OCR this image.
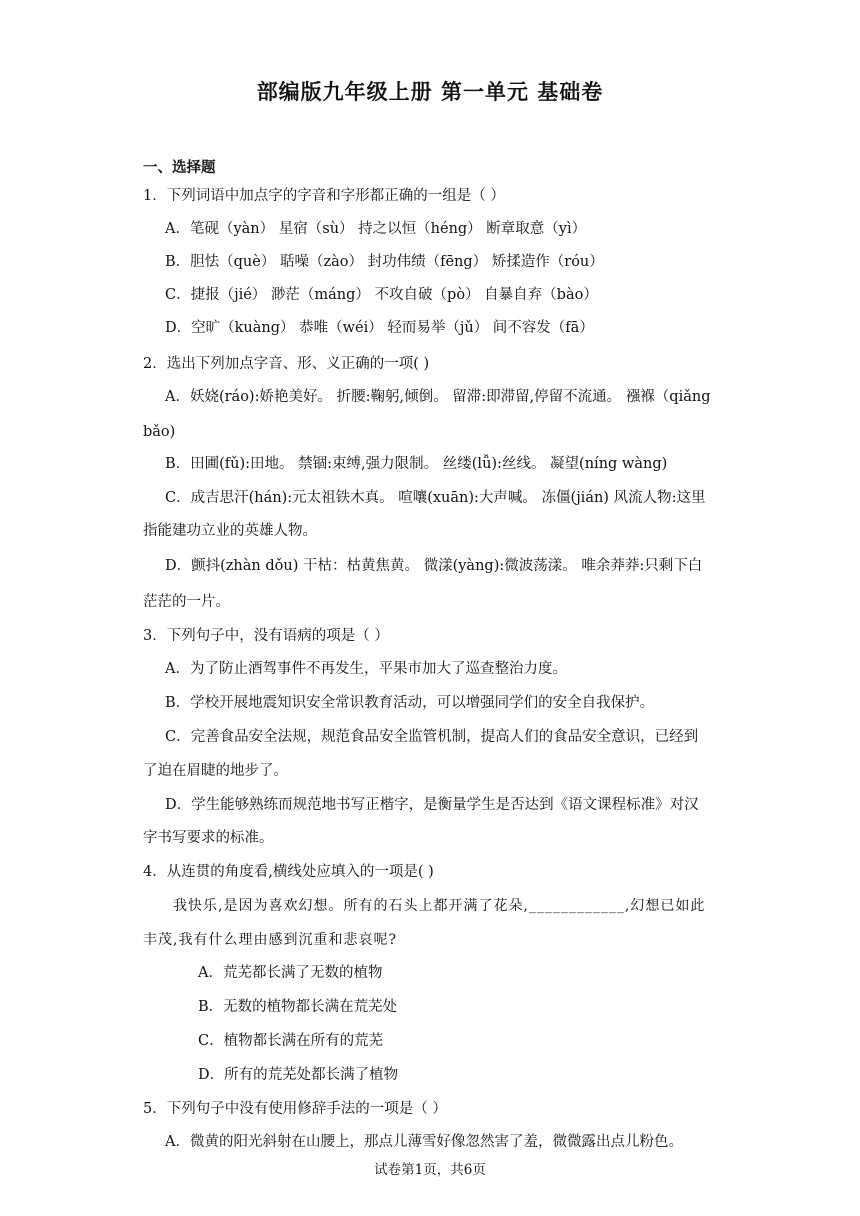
部编版九年级上册 第一单元 基础卷
一、选择题
1．下列词语中加点字的字音和字形都正确的一组是（ ）
A．笔砚（yàn） 星宿（sù） 持之以恒（héng） 断章取意（yì）
B．胆怯（què） 聒噪（zào） 封功伟绩（fēng） 矫揉造作（róu）
C．捷报（jié） 渺茫（máng） 不攻自破（pò） 自暴自弃（bào）
D．空旷（kuàng） 恭唯（wéi） 轻而易举（jǔ） 间不容发（fā）
2．选出下列加点字音、形、义正确的一项( )
A．妖娆(ráo):娇艳美好。 折腰:鞠躬,倾倒。 留滞:即滞留,停留不流通。 襁褓（qiǎng
bǎo)
B．田圃(fǔ):田地。 禁锢:束缚,强力限制。 丝缕(lǚ):丝线。 凝望(níng wàng)
C．成吉思汗(hán):元太祖铁木真。 喧嚷(xuān):大声喊。 冻僵(jián) 风流人物:这里
指能建功立业的英雄人物。
D．颤抖(zhàn dǒu) 干枯：枯黄焦黄。 微漾(yàng):微波荡漾。 唯余莽莽:只剩下白
茫茫的一片。
3．下列句子中，没有语病的项是（ ）
A．为了防止酒驾事件不再发生，平果市加大了巡查整治力度。
B．学校开展地震知识安全常识教育活动，可以增强同学们的安全自我保护。
C．完善食品安全法规，规范食品安全监管机制，提高人们的食品安全意识，已经到
了迫在眉睫的地步了。
D．学生能够熟练而规范地书写正楷字，是衡量学生是否达到《语文课程标准》对汉
字书写要求的标准。
4．从连贯的角度看,横线处应填入的一项是( )
我快乐,是因为喜欢幻想。所有的石头上都开满了花朵,____________,幻想已如此
丰茂,我有什么理由感到沉重和悲哀呢?
A．荒芜都长满了无数的植物
B．无数的植物都长满在荒芜处
C．植物都长满在所有的荒芜
D．所有的荒芜处都长满了植物
5．下列句子中没有使用修辞手法的一项是（ ）
A．微黄的阳光斜射在山腰上，那点儿薄雪好像忽然害了羞，微微露出点儿粉色。
试卷第1页，共6页
